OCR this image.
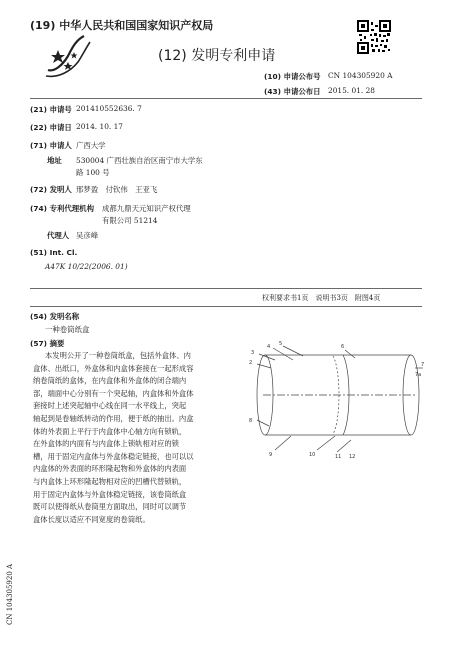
(19) 中华人民共和国国家知识产权局
(12) 发明专利申请
(10) 申请公布号 CN 104305920 A
(43) 申请公布日 2015. 01. 28
(21) 申请号 201410552636. 7
(22) 申请日 2014. 10. 17
(71) 申请人 广西大学
地址 530004 广西壮族自治区南宁市大学东
路 100 号
(72) 发明人 邢梦盈　付钦伟　王亚飞
(74) 专利代理机构 成都九鼎天元知识产权代理
有限公司 51214
代理人 吴彦峰
(51) Int. Cl.
A47K 10/22(2006. 01)
权利要求书1页　说明书3页　附图4页
(54) 发明名称
一种卷筒纸盒
(57) 摘要

本发明公开了一种卷筒纸盒，包括外盒体、内

盒体、出纸口，外盒体和内盒体套接在一起形成容

纳卷筒纸的盒体，在内盒体和外盒体的闭合端内

部，端面中心分别有一个突起轴，内盒体和外盒体

套接时上述突起轴中心线在同一水平线上，突起

轴起到是卷轴纸转动的作用，便于纸的抽出。内盒

体的外表面上平行于内盒体中心轴方向有锁轨，

在外盒体的内面有与内盒体上锁轨相对应的锁

槽，用于固定内盒体与外盒体稳定链接，也可以以

内盒体的外表面的环形隆起物和外盒体的内表面

与内盒体上环形隆起物相对应的凹槽代替锁轨，

用于固定内盒体与外盒体稳定链接，该卷筒纸盒

既可以使得纸从卷筒里方面取出，同时可以调节

盒体长度以适应不同宽度的卷筒纸。

2
3
4 5	6
7
8
9	10	11 12
7a
CN 104305920 A
